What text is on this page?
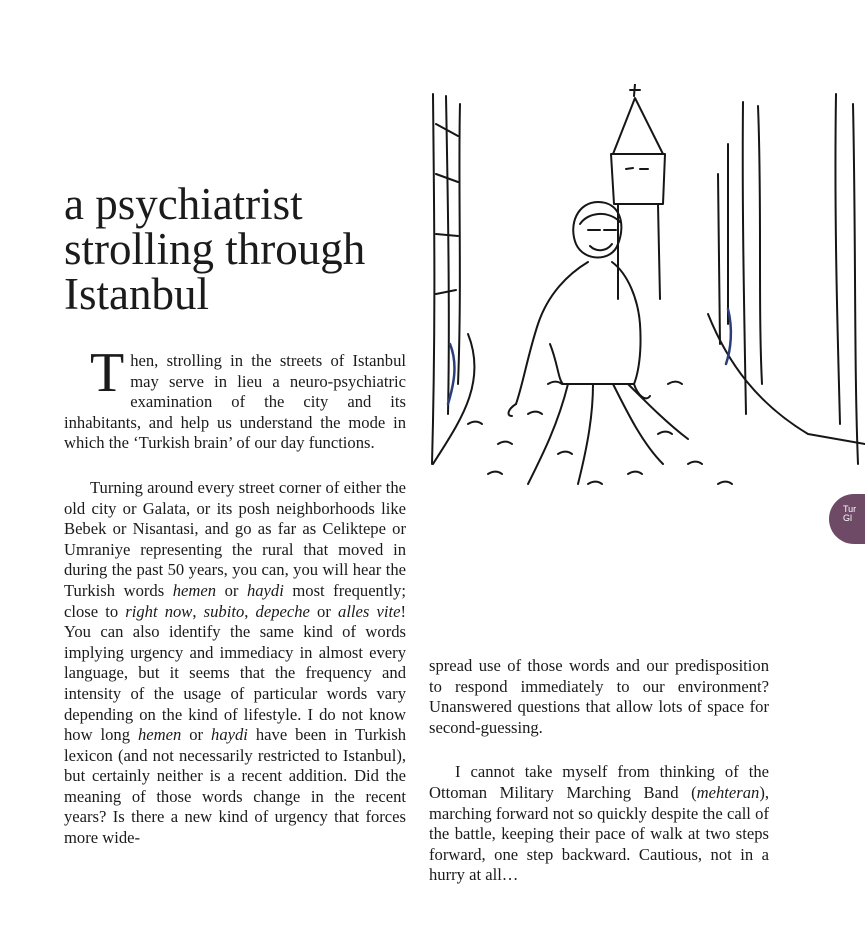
a psychiatrist
strolling through
Istanbul
Tur
Gl

Then, strolling in the streets of Istanbul may serve in lieu a neuro-psychiatric examination of the city and its inhabitants, and help us understand the mode in which the ‘Turkish brain’ of our day functions.

Turning around every street corner of either the old city or Galata, or its posh neighborhoods like Bebek or Nisantasi, and go as far as Celiktepe or Umraniye representing the rural that moved in during the past 50 years, you can, you will hear the Turkish words hemen or haydi most frequently; close to right now, subito, depeche or alles vite! You can also identify the same kind of words implying urgency and immediacy in almost every language, but it seems that the frequency and intensity of the usage of particular words vary depending on the kind of lifestyle. I do not know how long hemen or haydi have been in Turkish lexicon (and not necessarily restricted to Istanbul), but certainly neither is a recent addition. Did the meaning of those words change in the recent years? Is there a new kind of urgency that forces more wide-

spread use of those words and our predisposition to respond immediately to our environment? Unanswered questions that allow lots of space for second-guessing.

I cannot take myself from thinking of the Ottoman Military Marching Band (mehteran), marching forward not so quickly despite the call of the battle, keeping their pace of walk at two steps forward, one step backward. Cautious, not in a hurry at all…
